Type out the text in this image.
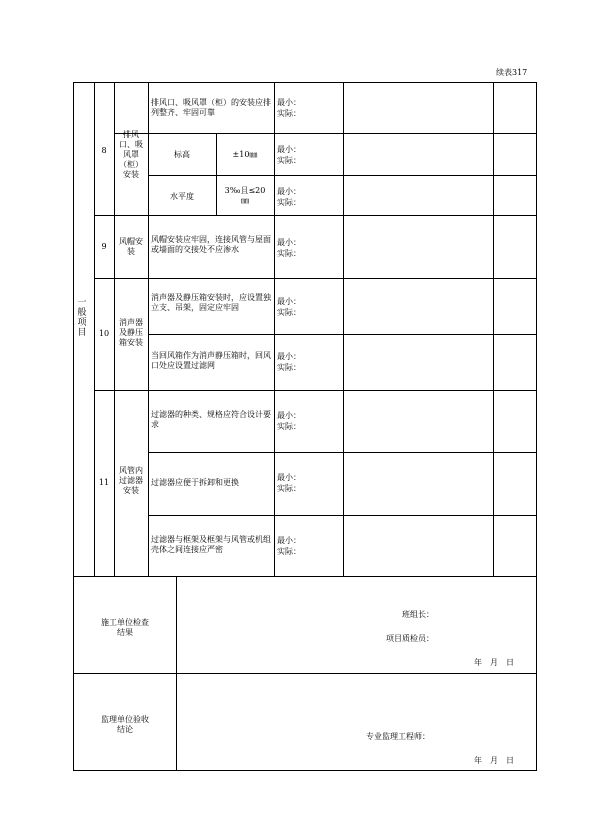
续表317
一般项目
8
9
10
11
排风口、吸风罩（柜）安装
风帽安装
消声器及静压箱安装
风管内过滤器安装
排风口、吸风罩（柜）的安装应排列整齐、牢固可靠
标高
水平度
风帽安装应牢固，连接风管与屋面或墙面的交接处不应渗水
消声器及静压箱安装时，应设置独立支、吊架，固定应牢固
当回风箱作为消声静压箱时，回风口处应设置过滤网
过滤器的种类、规格应符合设计要求
过滤器应便于拆卸和更换
过滤器与框架及框架与风管或机组壳体之间连接应严密
±10㎜
3‰且≤20㎜
最小：
实际：
最小：
实际：
最小：
实际：
最小：
实际：
最小：
实际：
最小：
实际：
最小：
实际：
最小：
实际：
最小：
实际：
施工单位检查结果
班组长：
项目质检员：
年　月　日
监理单位验收结论
专业监理工程师：
年　月　日
